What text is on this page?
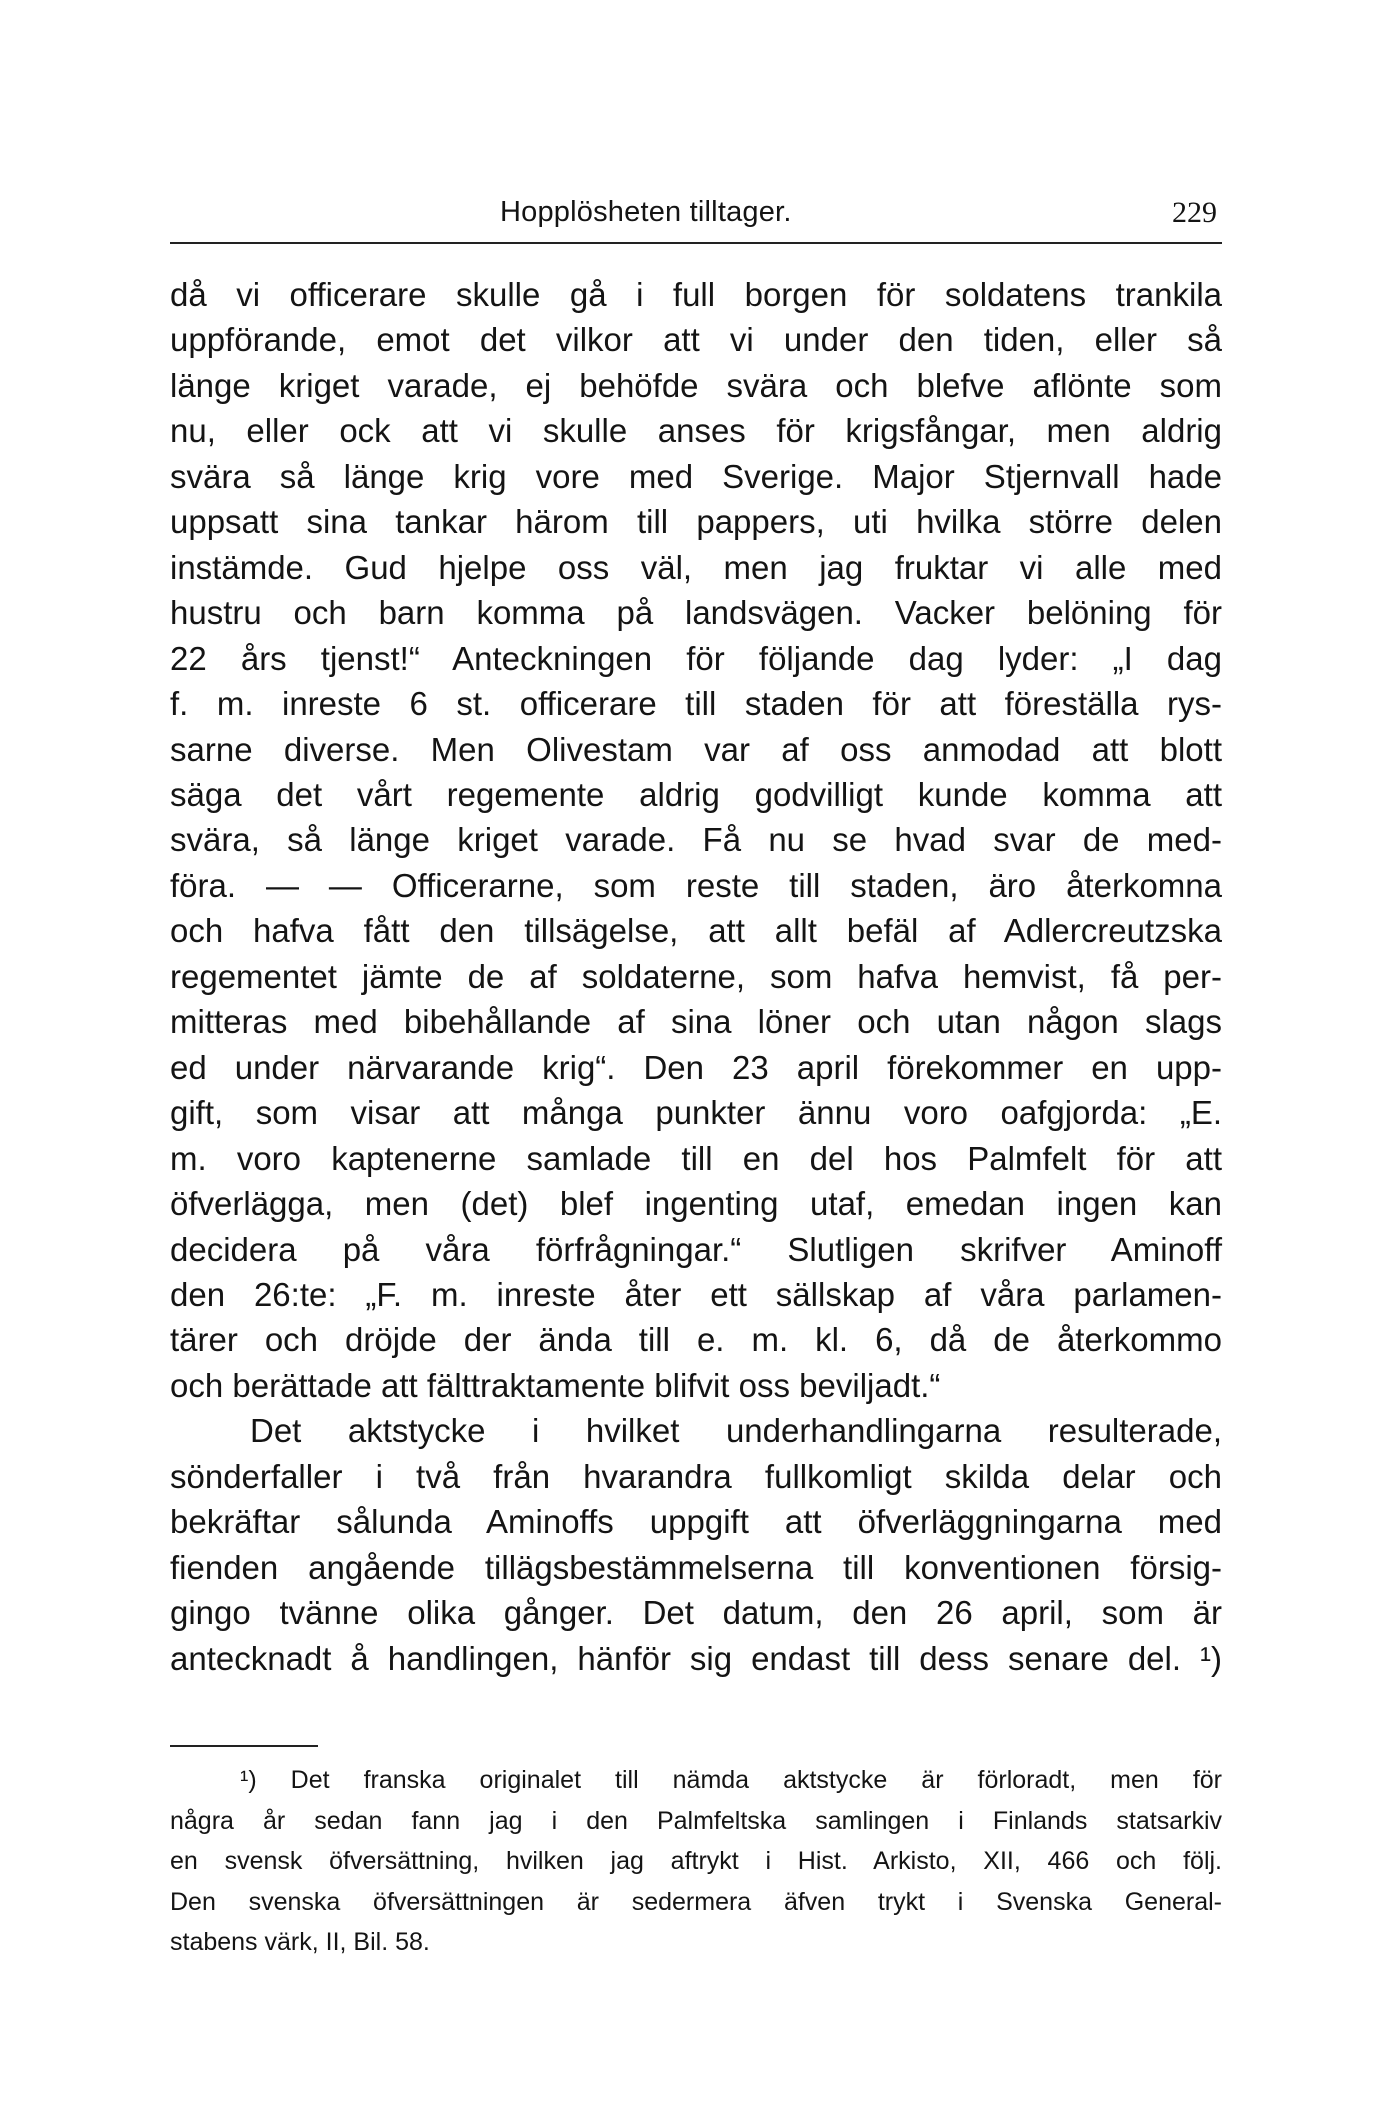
Hopplösheten tilltager.	229

då vi officerare skulle gå i full borgen för soldatens trankila

uppförande, emot det vilkor att vi under den tiden, eller så

länge kriget varade, ej behöfde svära och blefve aflönte som

nu, eller ock att vi skulle anses för krigsfångar, men aldrig

svära så länge krig vore med Sverige. Major Stjernvall hade

uppsatt sina tankar härom till pappers, uti hvilka större delen

instämde. Gud hjelpe oss väl, men jag fruktar vi alle med

hustru och barn komma på landsvägen. Vacker belöning för

22 års tjenst!“ Anteckningen för följande dag lyder: „I dag

f. m. inreste 6 st. officerare till staden för att föreställa rys-

sarne diverse. Men Olivestam var af oss anmodad att blott

säga det vårt regemente aldrig godvilligt kunde komma att

svära, så länge kriget varade. Få nu se hvad svar de med-

föra. — — Officerarne, som reste till staden, äro återkomna

och hafva fått den tillsägelse, att allt befäl af Adlercreutzska

regementet jämte de af soldaterne, som hafva hemvist, få per-

mitteras med bibehållande af sina löner och utan någon slags

ed under närvarande krig“. Den 23 april förekommer en upp-

gift, som visar att många punkter ännu voro oafgjorda: „E.

m. voro kaptenerne samlade till en del hos Palmfelt för att

öfverlägga, men (det) blef ingenting utaf, emedan ingen kan

decidera på våra förfrågningar.“ Slutligen skrifver Aminoff

den 26:te: „F. m. inreste åter ett sällskap af våra parlamen-

tärer och dröjde der ända till e. m. kl. 6, då de återkommo

och berättade att fälttraktamente blifvit oss beviljadt.“

Det aktstycke i hvilket underhandlingarna resulterade,

sönderfaller i två från hvarandra fullkomligt skilda delar och

bekräftar sålunda Aminoffs uppgift att öfverläggningarna med

fienden angående tillägsbestämmelserna till konventionen försig-

gingo tvänne olika gånger. Det datum, den 26 april, som är

antecknadt å handlingen, hänför sig endast till dess senare del. ¹)

¹) Det franska originalet till nämda aktstycke är förloradt, men för

några år sedan fann jag i den Palmfeltska samlingen i Finlands statsarkiv

en svensk öfversättning, hvilken jag aftrykt i Hist. Arkisto, XII, 466 och följ.

Den svenska öfversättningen är sedermera äfven trykt i Svenska General-

stabens värk, II, Bil. 58.
